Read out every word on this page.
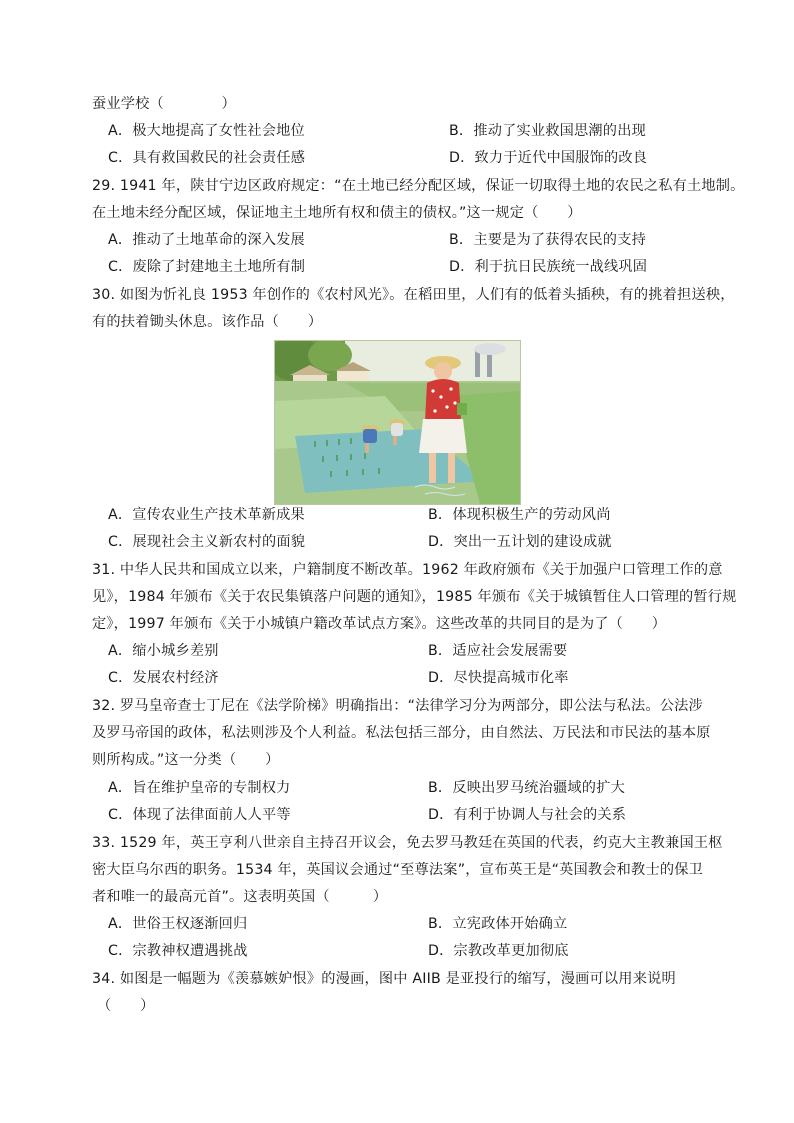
蚕业学校（　　　　）
A．极大地提高了女性社会地位	B．推动了实业救国思潮的出现
C．具有救国救民的社会责任感	D．致力于近代中国服饰的改良
29. 1941 年，陕甘宁边区政府规定：“在土地已经分配区域，保证一切取得土地的农民之私有土地制。
在土地未经分配区域，保证地主土地所有权和债主的债权。”这一规定（　　）
A．推动了土地革命的深入发展	B．主要是为了获得农民的支持
C．废除了封建地主土地所有制	D．利于抗日民族统一战线巩固
30. 如图为忻礼良 1953 年创作的《农村风光》。在稻田里，人们有的低着头插秧，有的挑着担送秧，
有的扶着锄头休息。该作品（　　）
A．宣传农业生产技术革新成果	B．体现积极生产的劳动风尚
C．展现社会主义新农村的面貌	D．突出一五计划的建设成就
31. 中华人民共和国成立以来，户籍制度不断改革。1962 年政府颁布《关于加强户口管理工作的意
见》，1984 年颁布《关于农民集镇落户问题的通知》，1985 年颁布《关于城镇暂住人口管理的暂行规
定》，1997 年颁布《关于小城镇户籍改革试点方案》。这些改革的共同目的是为了（　　）
A．缩小城乡差别	B．适应社会发展需要
C．发展农村经济	D．尽快提高城市化率
32. 罗马皇帝查士丁尼在《法学阶梯》明确指出：“法律学习分为两部分，即公法与私法。公法涉
及罗马帝国的政体，私法则涉及个人利益。私法包括三部分，由自然法、万民法和市民法的基本原
则所构成。”这一分类（　　）
A．旨在维护皇帝的专制权力	B．反映出罗马统治疆域的扩大
C．体现了法律面前人人平等	D．有利于协调人与社会的关系
33. 1529 年，英王亨利八世亲自主持召开议会，免去罗马教廷在英国的代表，约克大主教兼国王枢
密大臣乌尔西的职务。1534 年，英国议会通过“至尊法案”，宣布英王是“英国教会和教士的保卫
者和唯一的最高元首”。这表明英国（　　　）
A．世俗王权逐渐回归	B．立宪政体开始确立
C．宗教神权遭遇挑战	D．宗教改革更加彻底
34. 如图是一幅题为《羡慕嫉妒恨》的漫画，图中 AIIB 是亚投行的缩写，漫画可以用来说明
（　　）
